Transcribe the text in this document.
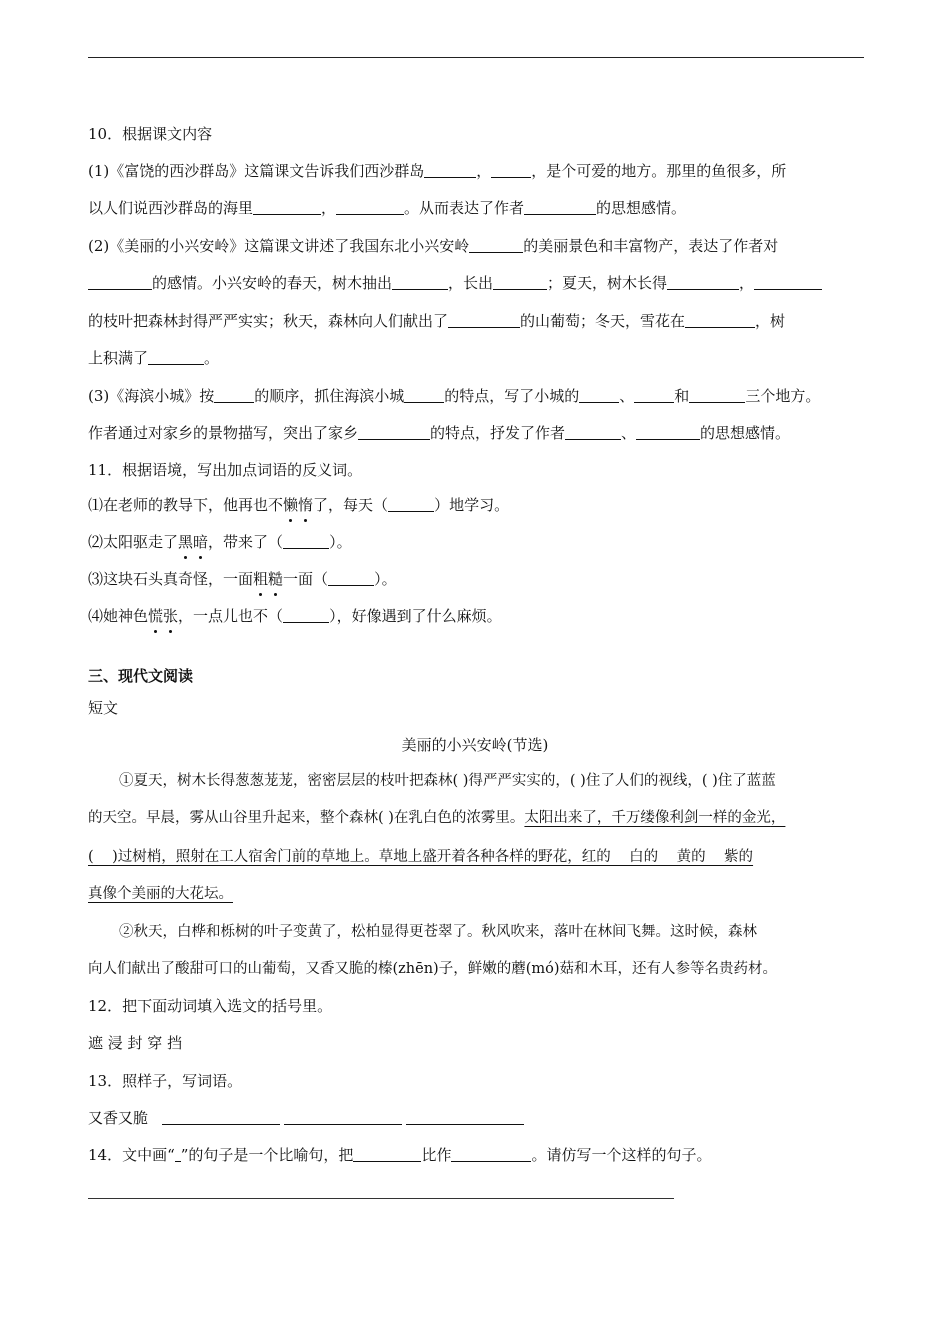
10．根据课文内容
(1)《富饶的西沙群岛》这篇课文告诉我们西沙群岛	，	，是个可爱的地方。那里的鱼很多，所
以人们说西沙群岛的海里	，	。从而表达了作者	的思想感情。
(2)《美丽的小兴安岭》这篇课文讲述了我国东北小兴安岭	的美丽景色和丰富物产，表达了作者对
的感情。小兴安岭的春天，树木抽出	，长出	；夏天，树木长得	，
的枝叶把森林封得严严实实；秋天，森林向人们献出了	的山葡萄；冬天，雪花在	，树
上积满了	。
(3)《海滨小城》按	的顺序，抓住海滨小城	的特点，写了小城的	、	和	三个地方。
作者通过对家乡的景物描写，突出了家乡	的特点，抒发了作者	、	的思想感情。
11．根据语境，写出加点词语的反义词。
⑴在老师的教导下，他再也不懒惰了，每天（	）地学习。
⑵太阳驱走了黑暗，带来了（	）。
⑶这块石头真奇怪，一面粗糙一面（	）。
⑷她神色慌张，一点儿也不（	），好像遇到了什么麻烦。
三、现代文阅读
短文
美丽的小兴安岭(节选)
①夏天，树木长得葱葱茏茏，密密层层的枝叶把森林( )得严严实实的，( )住了人们的视线，( )住了蓝蓝
的天空。早晨，雾从山谷里升起来，整个森林( )在乳白色的浓雾里。太阳出来了，千万缕像利剑一样的金光，
(    )过树梢，照射在工人宿舍门前的草地上。草地上盛开着各种各样的野花，红的    白的    黄的    紫的
真像个美丽的大花坛。
②秋天，白桦和栎树的叶子变黄了，松柏显得更苍翠了。秋风吹来，落叶在林间飞舞。这时候，森林
向人们献出了酸甜可口的山葡萄，又香又脆的榛(zhēn)子，鲜嫩的蘑(mó)菇和木耳，还有人参等名贵药材。
12．把下面动词填入选文的括号里。
遮 浸 封 穿 挡
13．照样子，写词语。
又香又脆
14．文中画“ ”的句子是一个比喻句，把	比作	。请仿写一个这样的句子。
